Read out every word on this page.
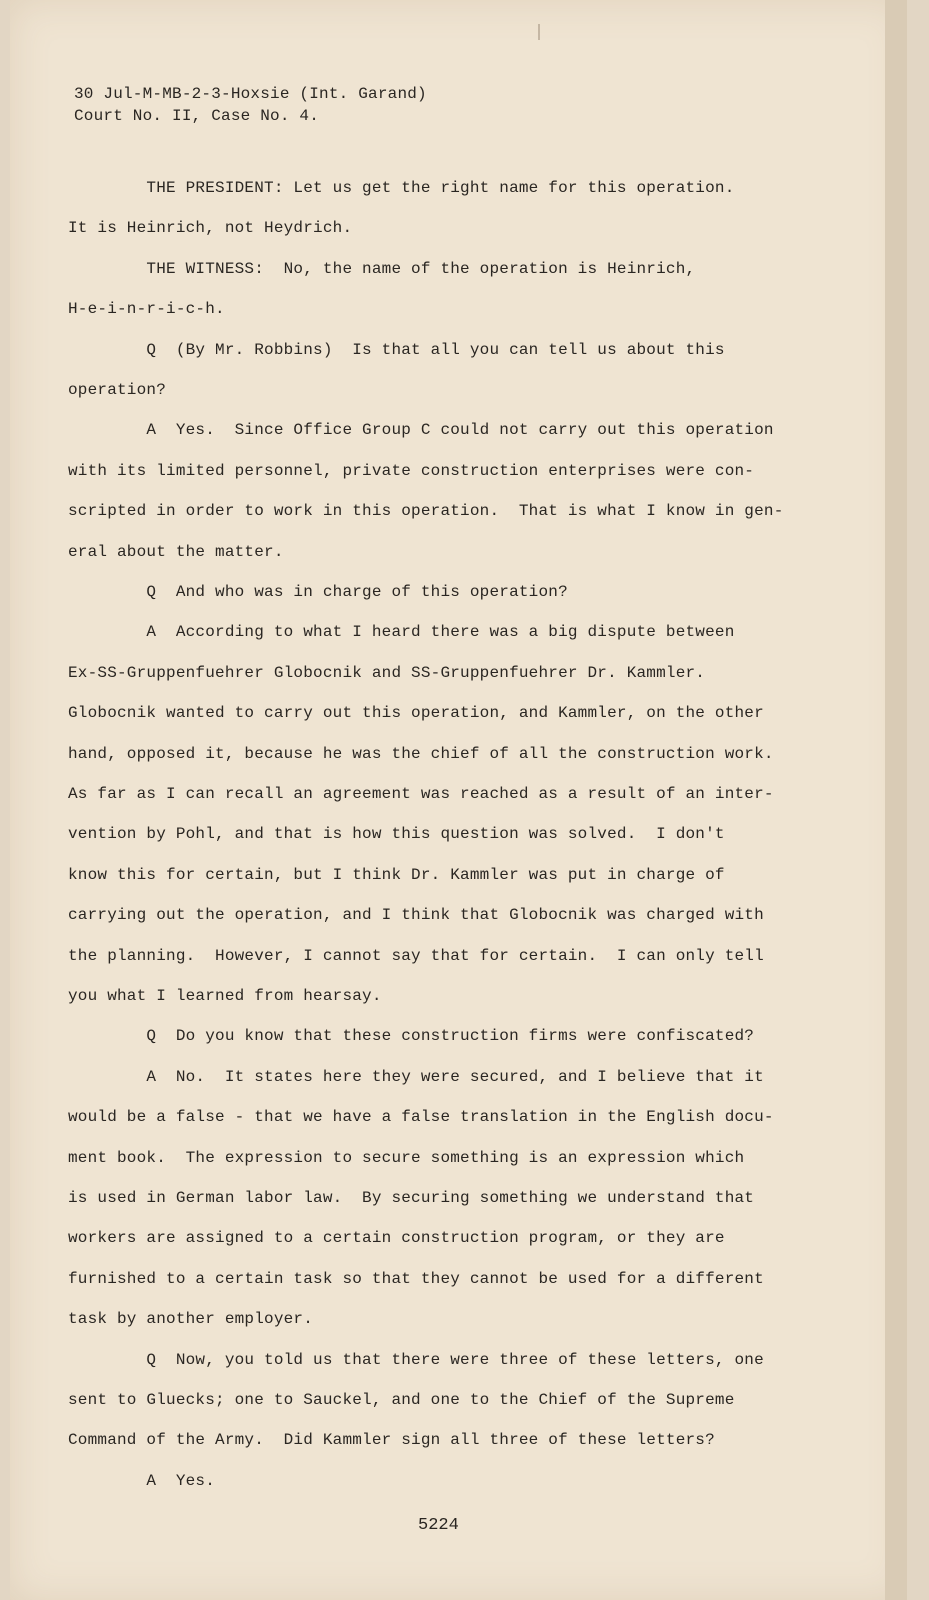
30 Jul-M-MB-2-3-Hoxsie (Int. Garand)
Court No. II, Case No. 4.
THE PRESIDENT: Let us get the right name for this operation.
It is Heinrich, not Heydrich.
THE WITNESS:  No, the name of the operation is Heinrich,
H-e-i-n-r-i-c-h.
Q  (By Mr. Robbins)  Is that all you can tell us about this
operation?
A  Yes.  Since Office Group C could not carry out this operation
with its limited personnel, private construction enterprises were con-
scripted in order to work in this operation.  That is what I know in gen-
eral about the matter.
Q  And who was in charge of this operation?
A  According to what I heard there was a big dispute between
Ex-SS-Gruppenfuehrer Globocnik and SS-Gruppenfuehrer Dr. Kammler.
Globocnik wanted to carry out this operation, and Kammler, on the other
hand, opposed it, because he was the chief of all the construction work.
As far as I can recall an agreement was reached as a result of an inter-
vention by Pohl, and that is how this question was solved.  I don't
know this for certain, but I think Dr. Kammler was put in charge of
carrying out the operation, and I think that Globocnik was charged with
the planning.  However, I cannot say that for certain.  I can only tell
you what I learned from hearsay.
Q  Do you know that these construction firms were confiscated?
A  No.  It states here they were secured, and I believe that it
would be a false - that we have a false translation in the English docu-
ment book.  The expression to secure something is an expression which
is used in German labor law.  By securing something we understand that
workers are assigned to a certain construction program, or they are
furnished to a certain task so that they cannot be used for a different
task by another employer.
Q  Now, you told us that there were three of these letters, one
sent to Gluecks; one to Sauckel, and one to the Chief of the Supreme
Command of the Army.  Did Kammler sign all three of these letters?
A  Yes.
5224
